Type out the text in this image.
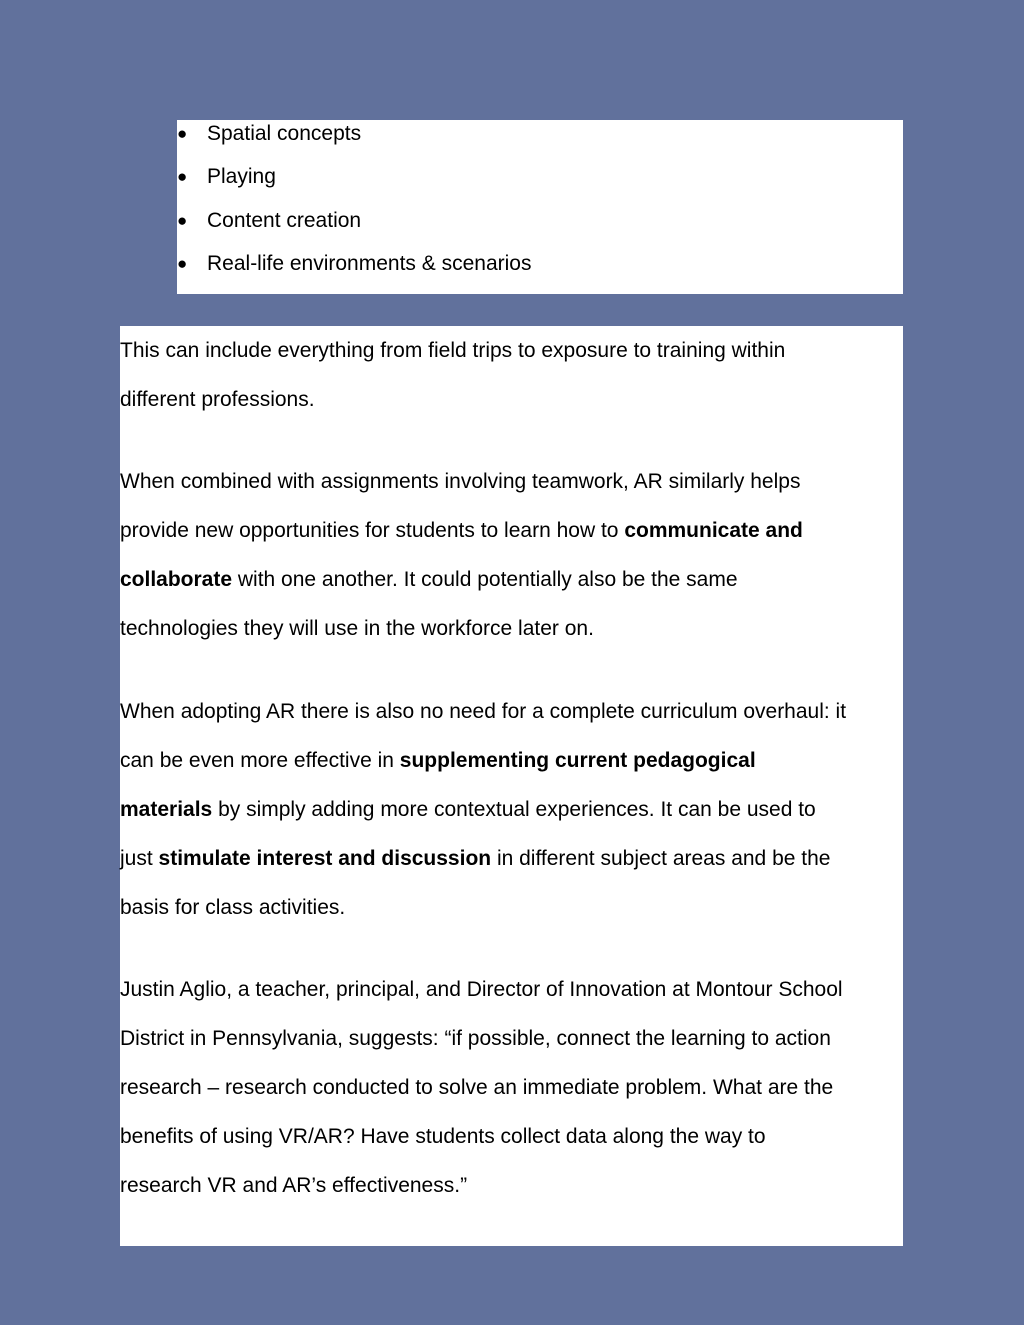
● Spatial concepts
● Playing
● Content creation
● Real-life environments & scenarios
This can include everything from field trips to exposure to training within
different professions.
When combined with assignments involving teamwork, AR similarly helps
provide new opportunities for students to learn how to communicate and
collaborate with one another. It could potentially also be the same
technologies they will use in the workforce later on.
When adopting AR there is also no need for a complete curriculum overhaul: it
can be even more effective in supplementing current pedagogical
materials by simply adding more contextual experiences. It can be used to
just stimulate interest and discussion in different subject areas and be the
basis for class activities.
Justin Aglio, a teacher, principal, and Director of Innovation at Montour School
District in Pennsylvania, suggests: “if possible, connect the learning to action
research – research conducted to solve an immediate problem. What are the
benefits of using VR/AR? Have students collect data along the way to
research VR and AR’s effectiveness.”
